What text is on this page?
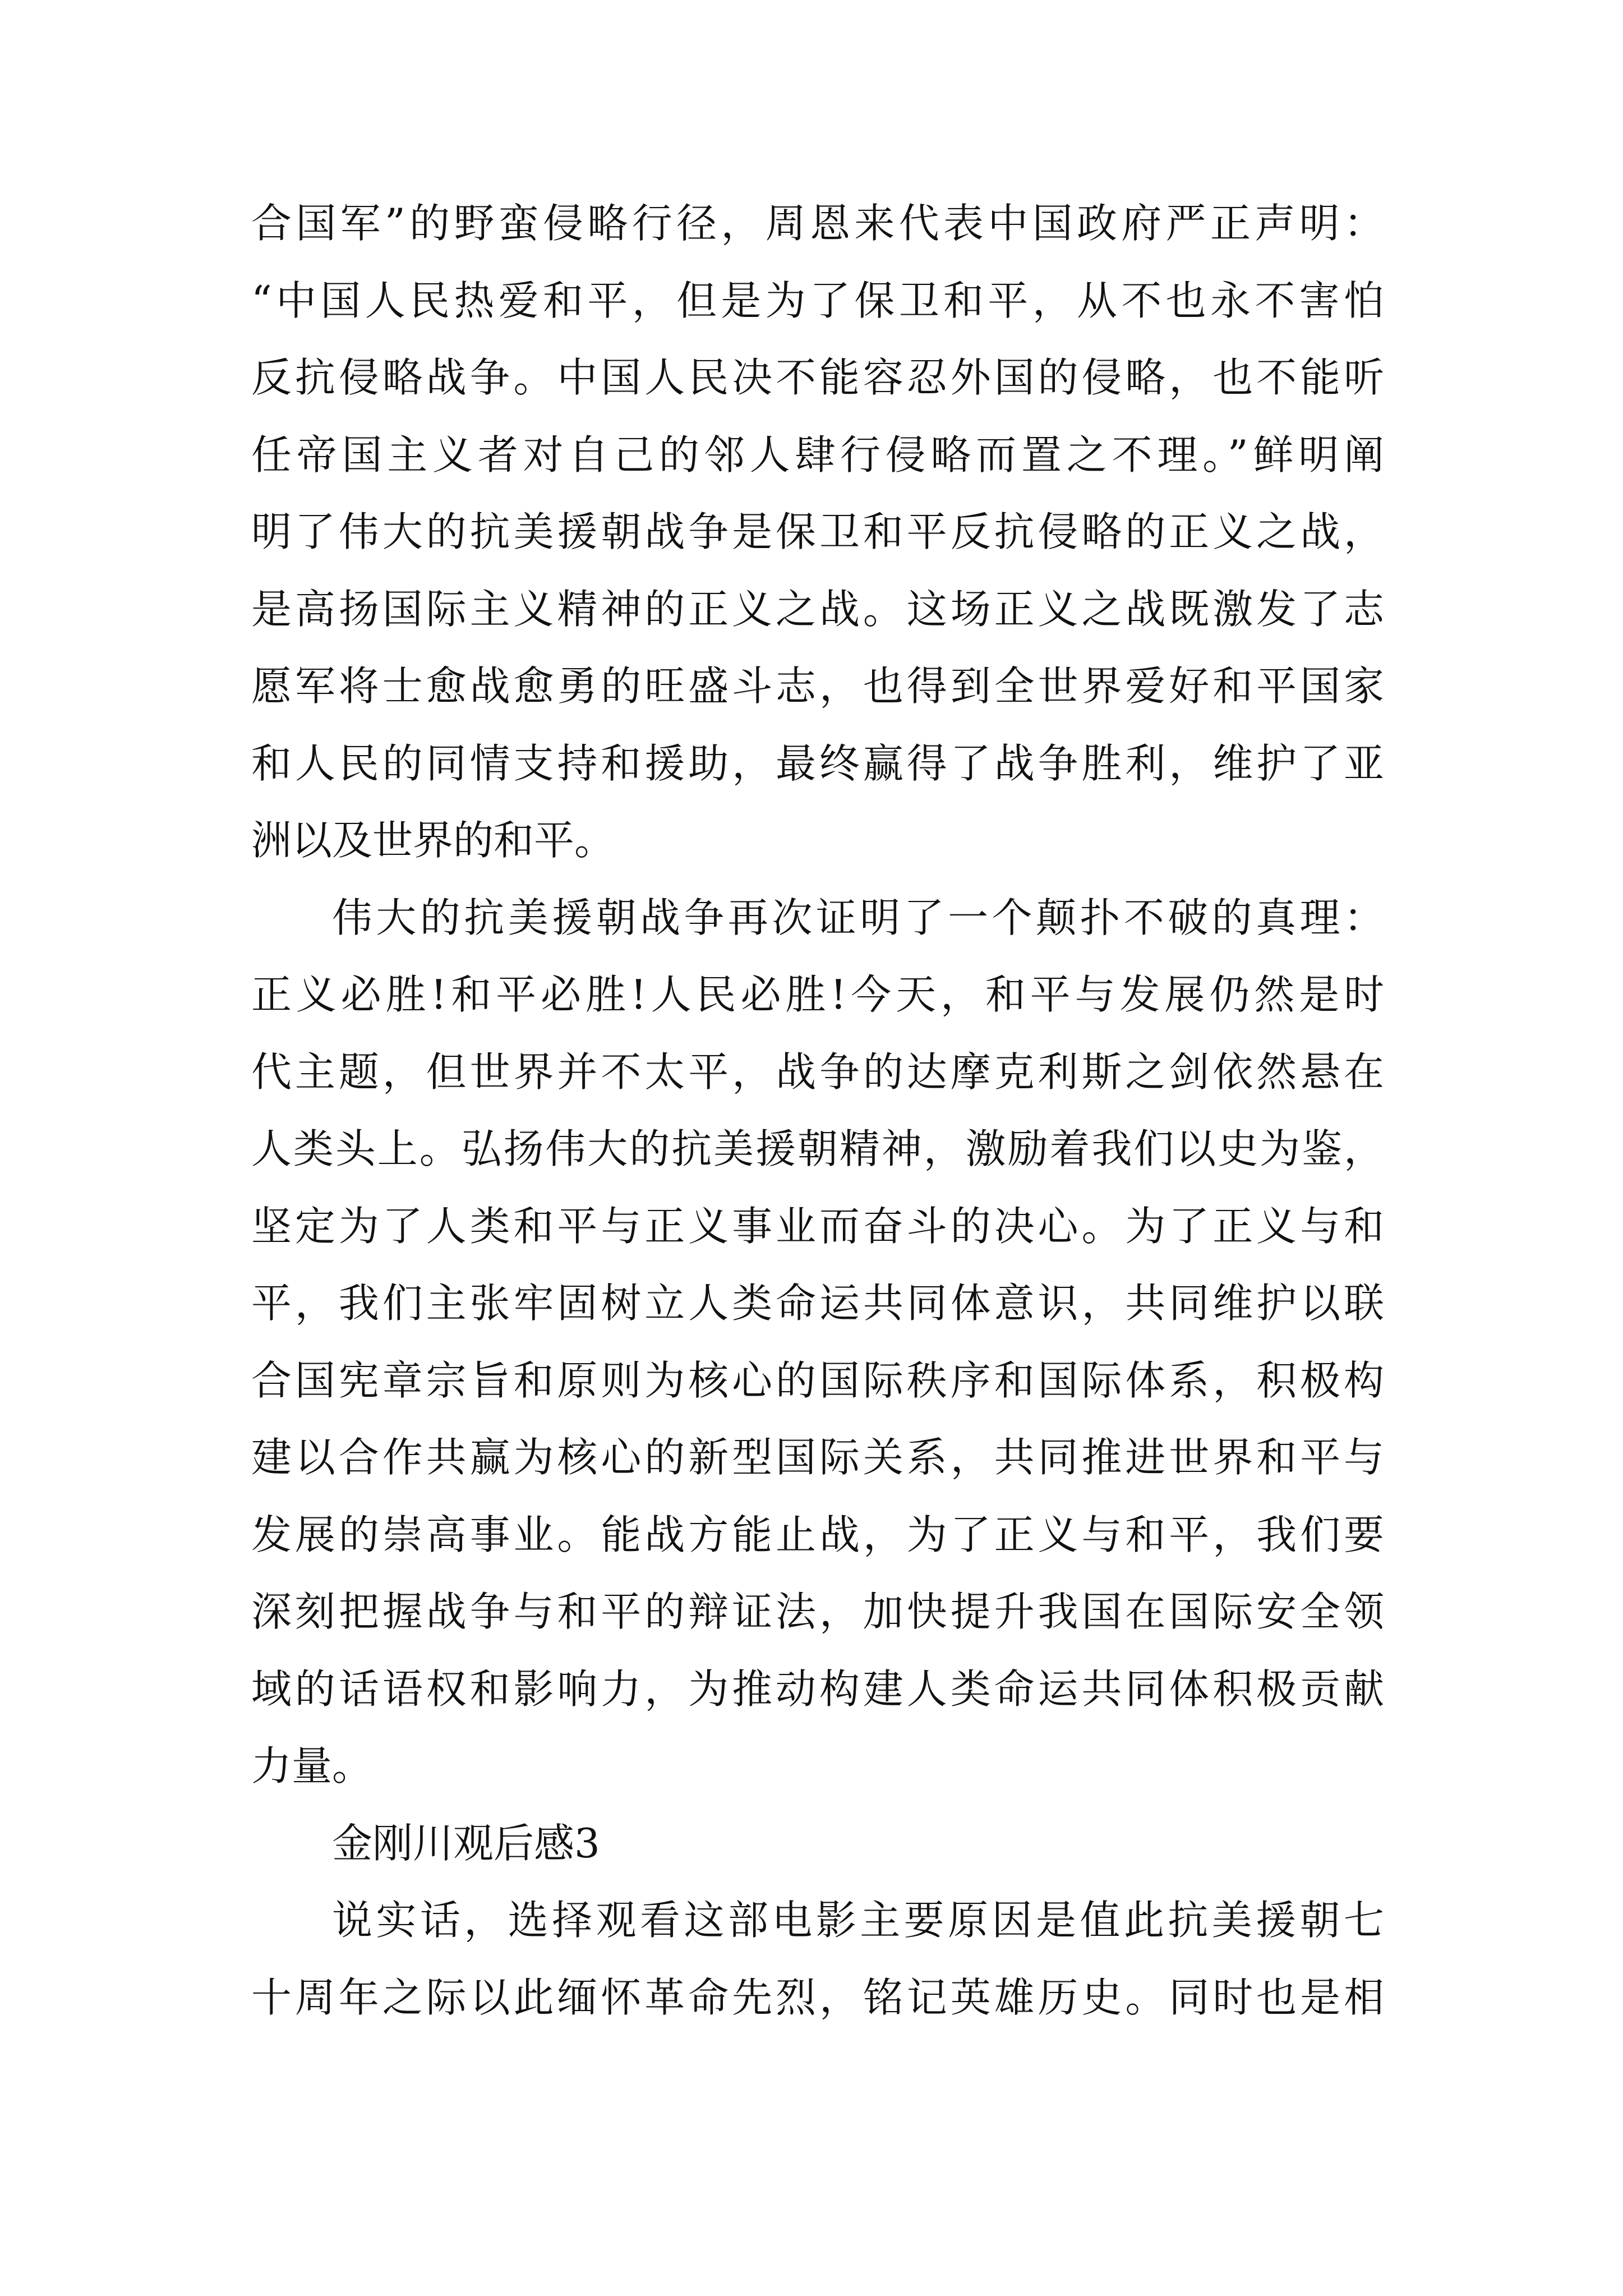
合国军”的野蛮侵略行径，周恩来代表中国政府严正声明：
“中国人民热爱和平，但是为了保卫和平，从不也永不害怕
反抗侵略战争。中国人民决不能容忍外国的侵略，也不能听
任帝国主义者对自己的邻人肆行侵略而置之不理。”鲜明阐
明了伟大的抗美援朝战争是保卫和平反抗侵略的正义之战，
是高扬国际主义精神的正义之战。这场正义之战既激发了志
愿军将士愈战愈勇的旺盛斗志，也得到全世界爱好和平国家
和人民的同情支持和援助，最终赢得了战争胜利，维护了亚
洲以及世界的和平。
伟大的抗美援朝战争再次证明了一个颠扑不破的真理：
正义必胜!和平必胜!人民必胜!今天，和平与发展仍然是时
代主题，但世界并不太平，战争的达摩克利斯之剑依然悬在
人类头上。弘扬伟大的抗美援朝精神，激励着我们以史为鉴，
坚定为了人类和平与正义事业而奋斗的决心。为了正义与和
平，我们主张牢固树立人类命运共同体意识，共同维护以联
合国宪章宗旨和原则为核心的国际秩序和国际体系，积极构
建以合作共赢为核心的新型国际关系，共同推进世界和平与
发展的崇高事业。能战方能止战，为了正义与和平，我们要
深刻把握战争与和平的辩证法，加快提升我国在国际安全领
域的话语权和影响力，为推动构建人类命运共同体积极贡献
力量。
金刚川观后感3
说实话，选择观看这部电影主要原因是值此抗美援朝七
十周年之际以此缅怀革命先烈，铭记英雄历史。同时也是相
